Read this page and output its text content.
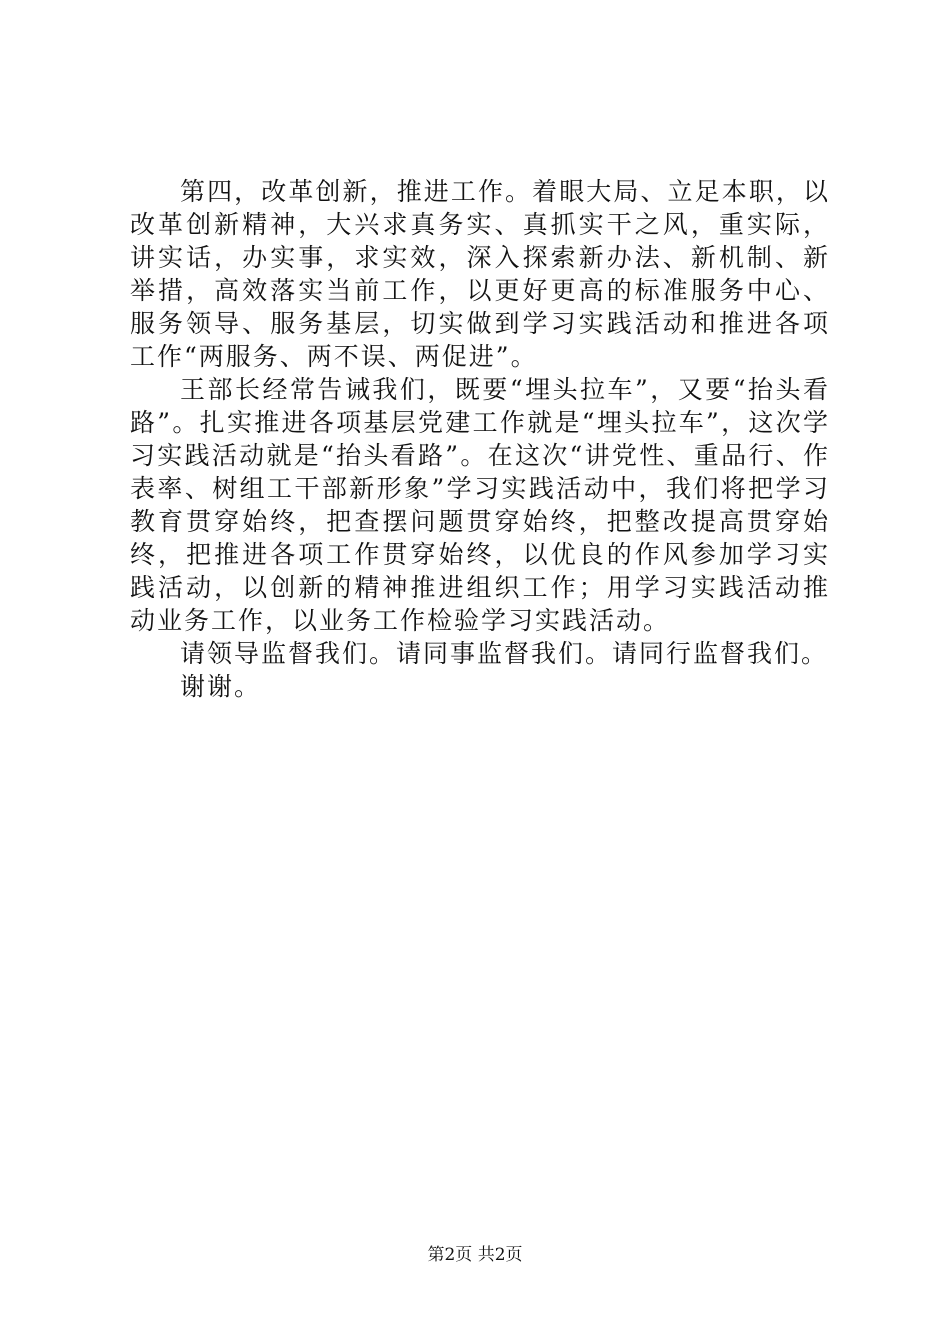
第四，改革创新，推进工作。着眼大局、立足本职，以改革创新精神，大兴求真务实、真抓实干之风，重实际，讲实话，办实事，求实效，深入探索新办法、新机制、新举措，高效落实当前工作，以更好更高的标准服务中心、服务领导、服务基层，切实做到学习实践活动和推进各项工作“两服务、两不误、两促进”。

王部长经常告诫我们，既要“埋头拉车”，又要“抬头看路”。扎实推进各项基层党建工作就是“埋头拉车”，这次学习实践活动就是“抬头看路”。在这次“讲党性、重品行、作表率、树组工干部新形象”学习实践活动中，我们将把学习教育贯穿始终，把查摆问题贯穿始终，把整改提高贯穿始终，把推进各项工作贯穿始终，以优良的作风参加学习实践活动，以创新的精神推进组织工作；用学习实践活动推动业务工作，以业务工作检验学习实践活动。

请领导监督我们。请同事监督我们。请同行监督我们。

谢谢。

第2页 共2页
